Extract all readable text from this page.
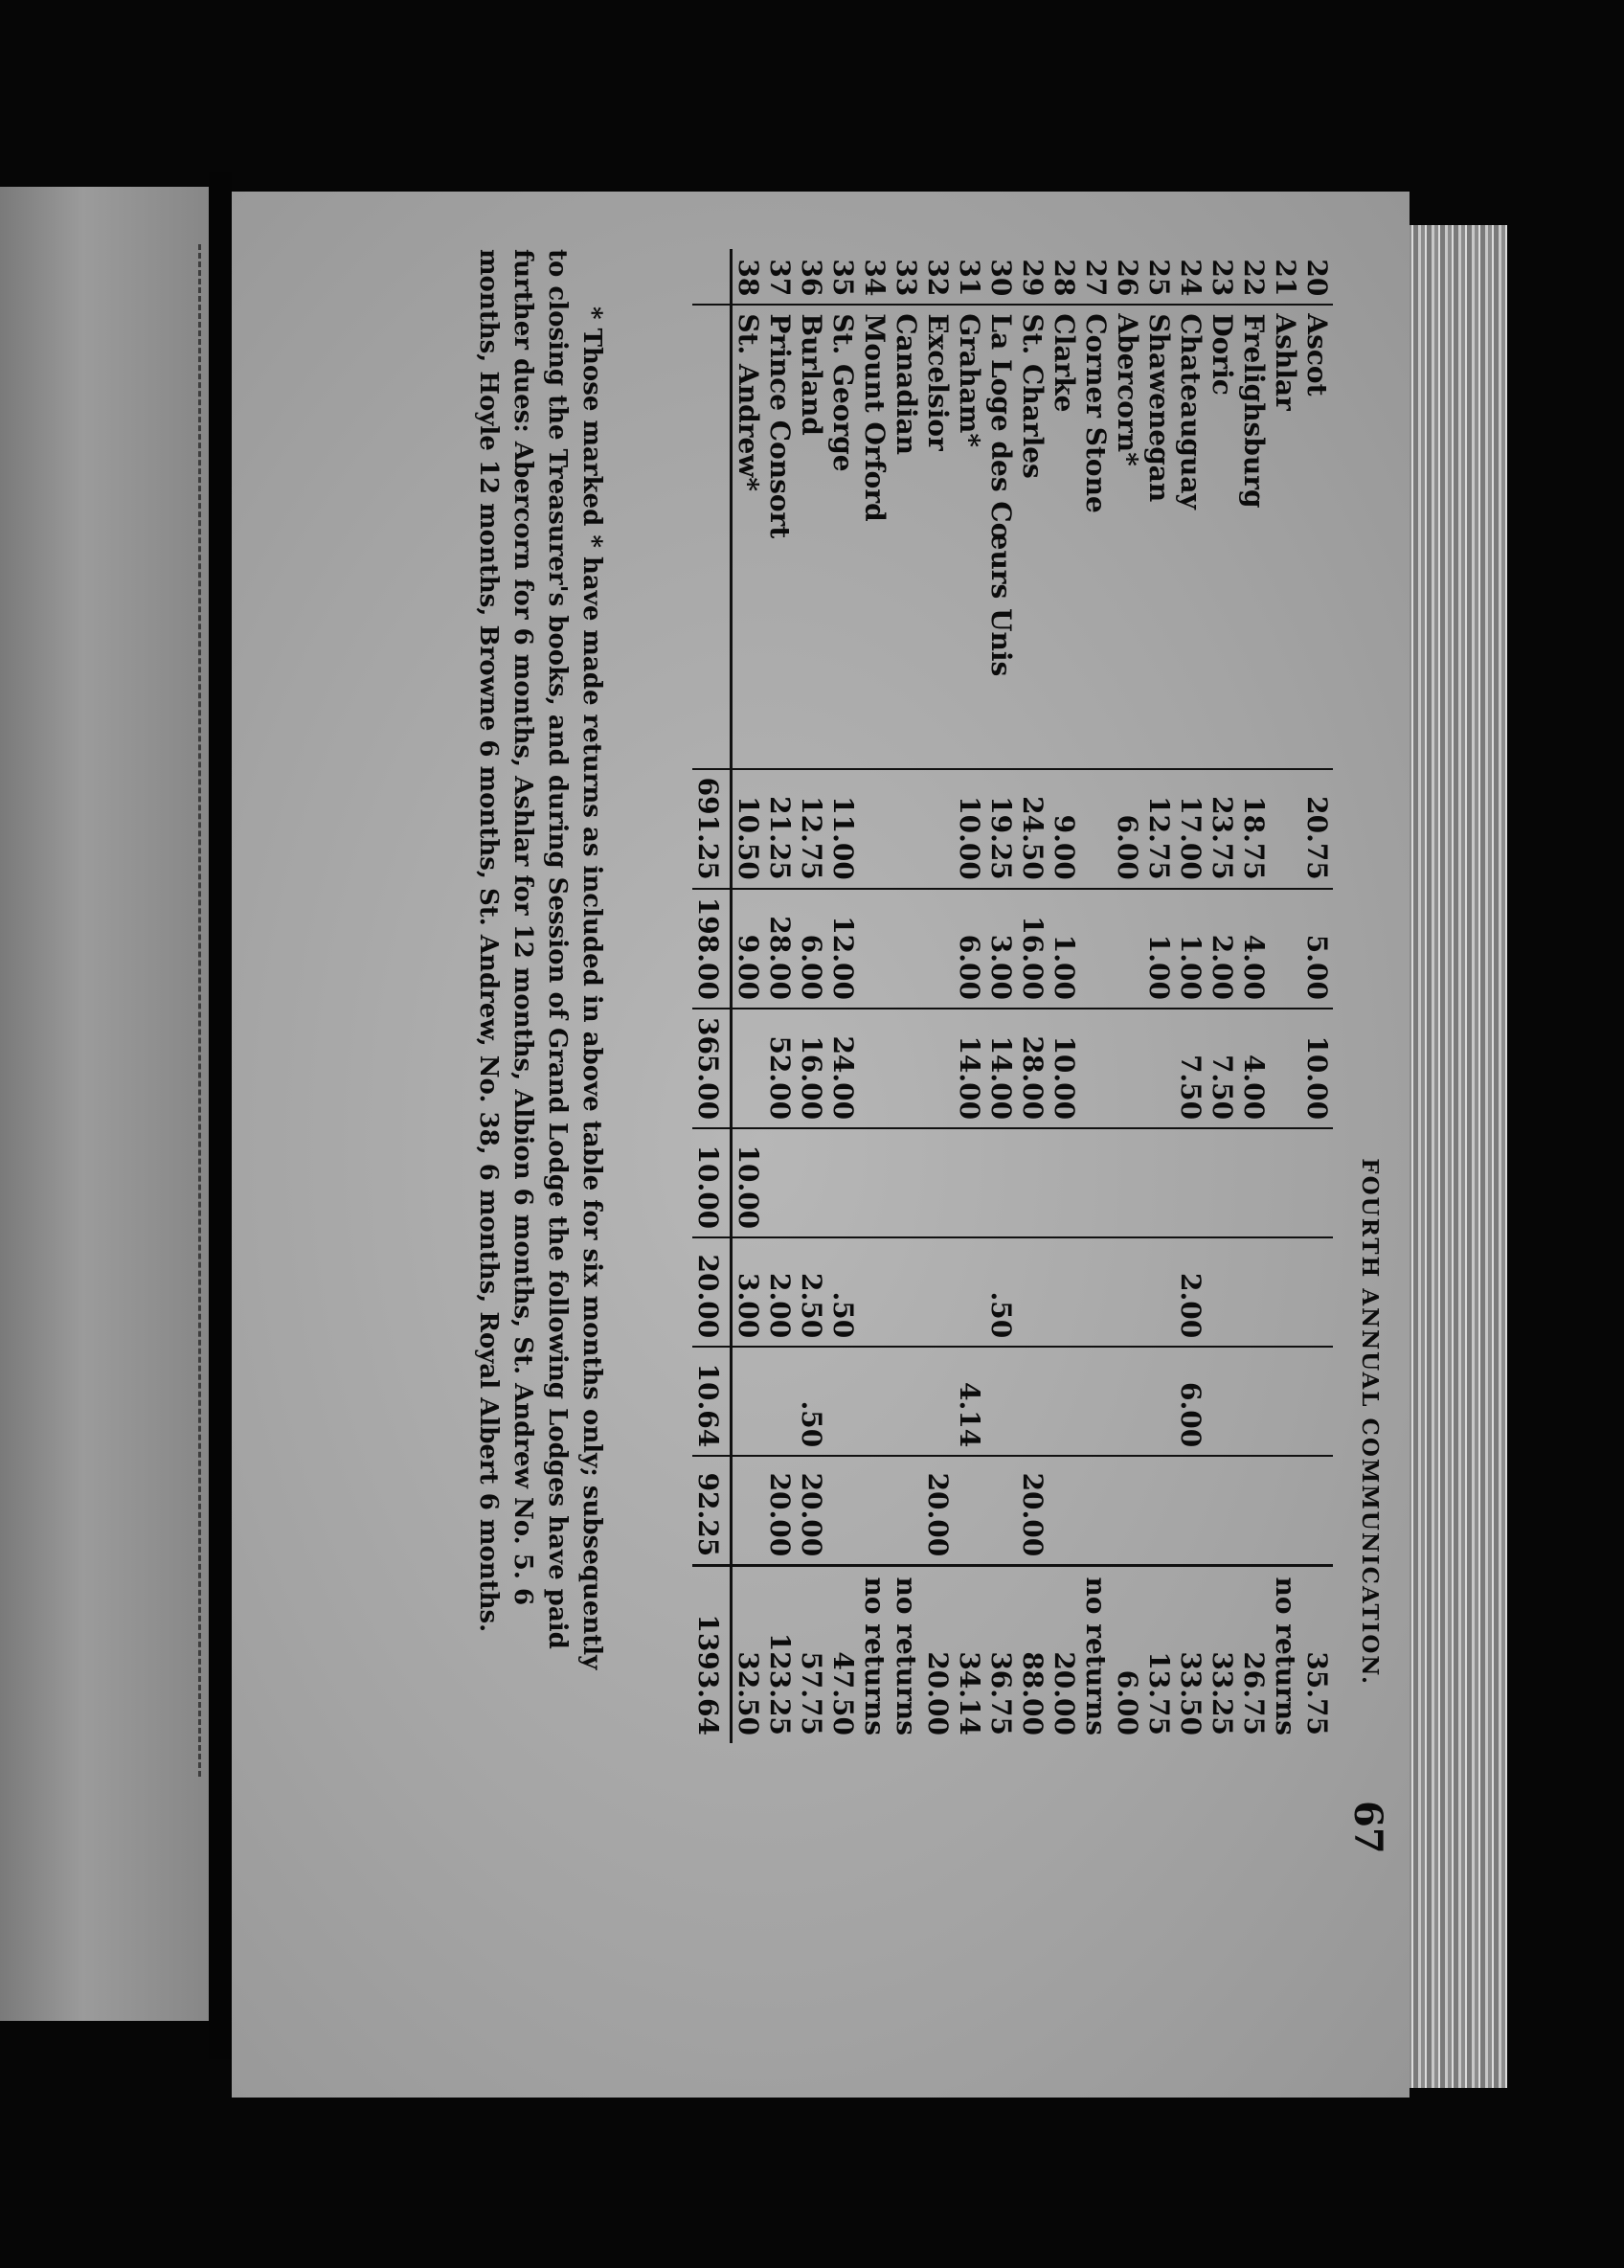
FOURTH ANNUAL COMMUNICATION.
67
20	Ascot	20.75	5.00	10.00					35.75
21	Ashlar								no returns
22	Frelighsburg	18.75	4.00	4.00					26.75
23	Doric	23.75	2.00	7.50					33.25
24	Chateauguay	17.00	1.00	7.50		2.00	6.00		33.50
25	Shawenegan	12.75	1.00						13.75
26	Abercorn*	6.00							6.00
27	Corner Stone								no returns
28	Clarke	9.00	1.00	10.00					20.00
29	St. Charles	24.50	16.00	28.00				20.00	88.00
30	La Loge des Cœurs Unis	19.25	3.00	14.00		.50			36.75
31	Graham*	10.00	6.00	14.00			4.14		34.14
32	Excelsior							20.00	20.00
33	Canadian								no returns
34	Mount Orford								no returns
35	St. George	11.00	12.00	24.00		.50			47.50
36	Burland	12.75	6.00	16.00		2.50	.50	20.00	57.75
37	Prince Consort	21.25	28.00	52.00		2.00		20.00	123.25
38	St. Andrew*	10.50	9.00		10.00	3.00			32.50
		691.25	198.00	365.00	10.00	20.00	10.64	92.25	1393.64

* Those marked * have made returns as included in above table for six months only; subsequently to closing the Treasurer's books, and during Session of Grand Lodge the following Lodges have paid further dues: Abercorn for 6 months, Ashlar for 12 months, Albion 6 months, St. Andrew No. 5. 6 months, Hoyle 12 months, Browne 6 months, St. Andrew, No. 38, 6 months, Royal Albert 6 months.
